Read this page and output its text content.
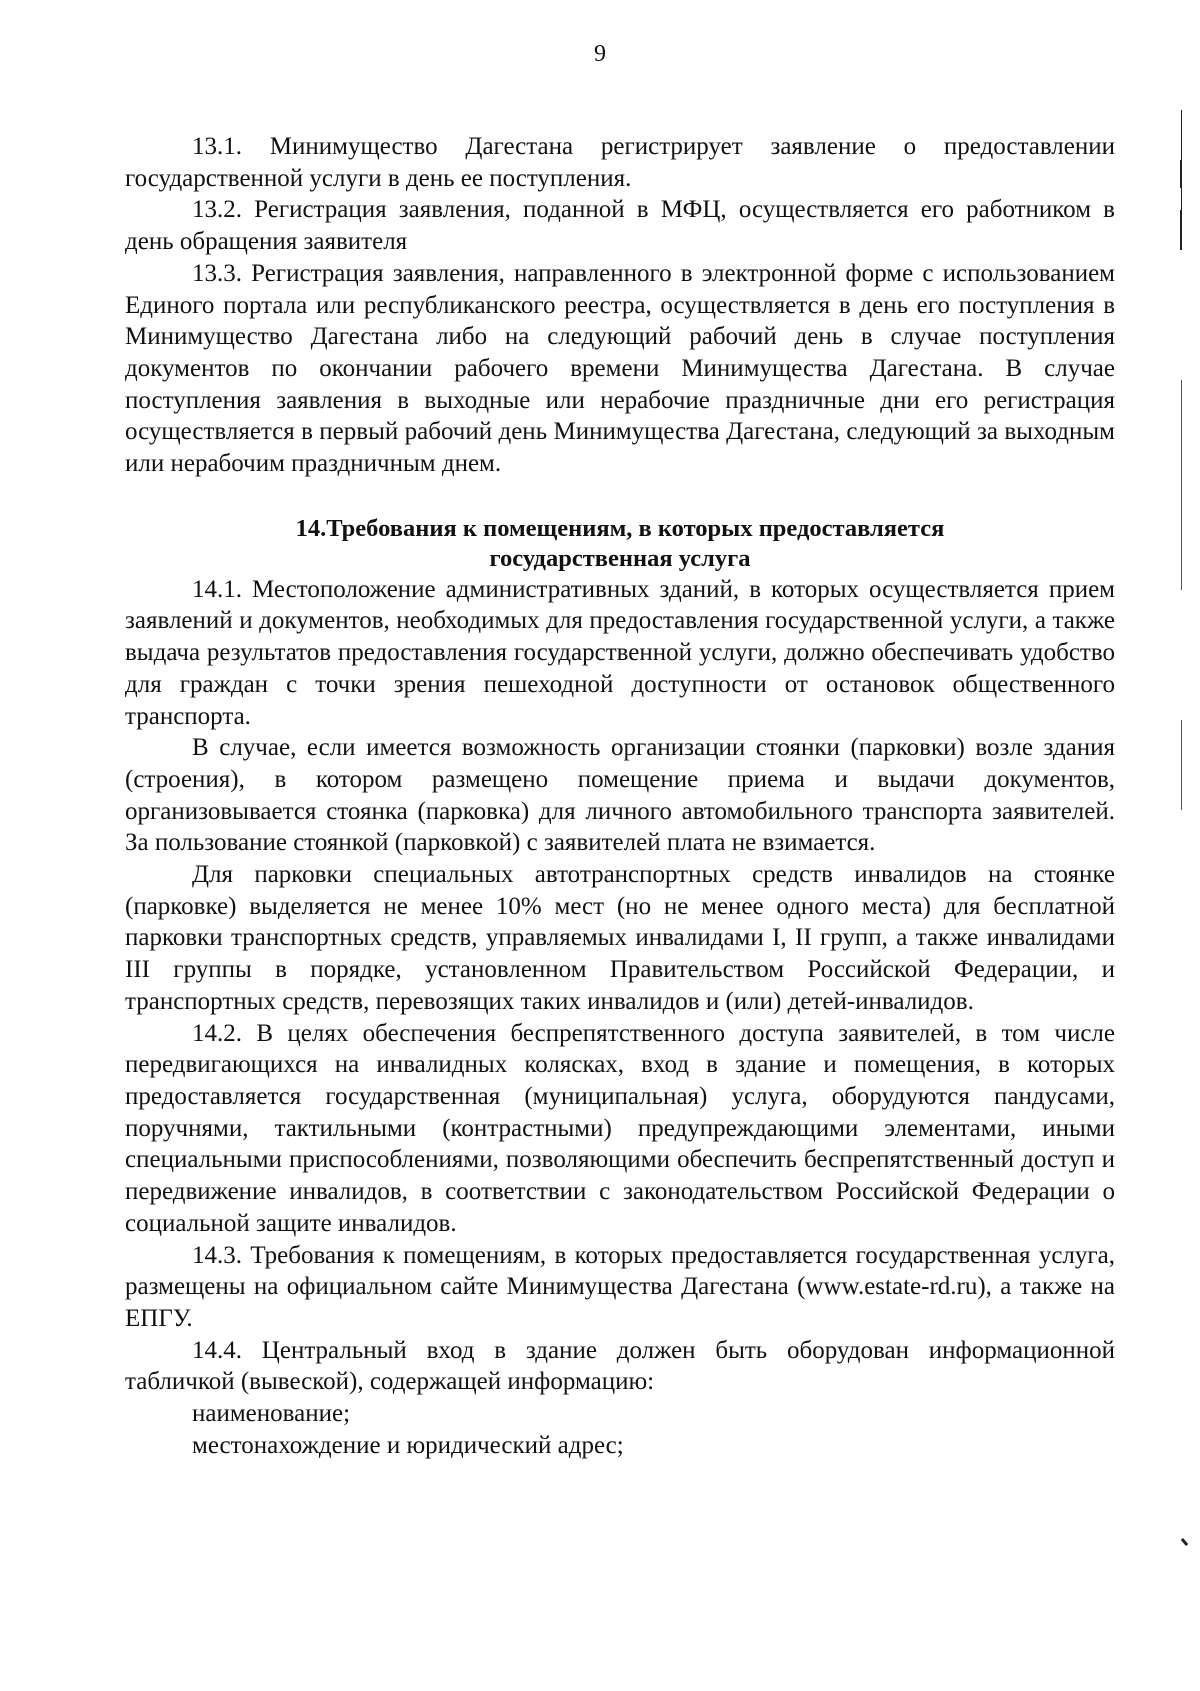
9

13.1. Минимущество Дагестана регистрирует заявление о предоставлении государственной услуги в день ее поступления.

13.2. Регистрация заявления, поданной в МФЦ, осуществляется его работником в день обращения заявителя

13.3. Регистрация заявления, направленного в электронной форме с использованием Единого портала или республиканского реестра, осуществляется в день его поступления в Минимущество Дагестана либо на следующий рабочий день в случае поступления документов по окончании рабочего времени Минимущества Дагестана. В случае поступления заявления в выходные или нерабочие праздничные дни его регистрация осуществляется в первый рабочий день Минимущества Дагестана, следующий за выходным или нерабочим праздничным днем.

14.Требования к помещениям, в которых предоставляется
государственная услуга

14.1. Местоположение административных зданий, в которых осуществляется прием заявлений и документов, необходимых для предоставления государственной услуги, а также выдача результатов предоставления государственной услуги, должно обеспечивать удобство для граждан с точки зрения пешеходной доступности от остановок общественного транспорта.

В случае, если имеется возможность организации стоянки (парковки) возле здания (строения), в котором размещено помещение приема и выдачи документов, организовывается стоянка (парковка) для личного автомобильного транспорта заявителей. За пользование стоянкой (парковкой) с заявителей плата не взимается.

Для парковки специальных автотранспортных средств инвалидов на стоянке (парковке) выделяется не менее 10% мест (но не менее одного места) для бесплатной парковки транспортных средств, управляемых инвалидами I, II групп, а также инвалидами III группы в порядке, установленном Правительством Российской Федерации, и транспортных средств, перевозящих таких инвалидов и (или) детей-инвалидов.

14.2. В целях обеспечения беспрепятственного доступа заявителей, в том числе передвигающихся на инвалидных колясках, вход в здание и помещения, в которых предоставляется государственная (муниципальная) услуга, оборудуются пандусами, поручнями, тактильными (контрастными) предупреждающими элементами, иными специальными приспособлениями, позволяющими обеспечить беспрепятственный доступ и передвижение инвалидов, в соответствии с законодательством Российской Федерации о социальной защите инвалидов.

14.3. Требования к помещениям, в которых предоставляется государственная услуга, размещены на официальном сайте Минимущества Дагестана (www.estate-rd.ru), а также на ЕПГУ.

14.4. Центральный вход в здание должен быть оборудован информационной табличкой (вывеской), содержащей информацию:

наименование;

местонахождение и юридический адрес;
